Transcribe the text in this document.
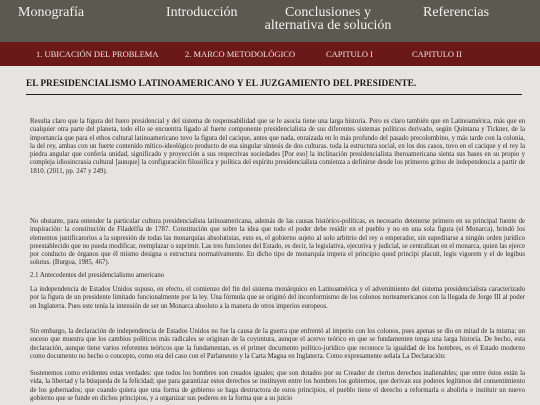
Monografía	Introducción	Conclusiones y alternativa de solución
Referencias
1. UBICACIÓN DEL PROBLEMA	2. MARCO METODOLÓGICO	CAPITULO I	CAPITULO II
EL PRESIDENCIALISMO LATINOAMERICANO Y EL JUZGAMIENTO DEL PRESIDENTE.

Resulta claro que la figura del fuero presidencial y del sistema de responsabilidad que se le asocia tiene una larga historia. Pero es claro también que en Latinoamérica, más que en cualquier otra parte del planeta, todo ello se encuentra ligado al fuerte componente presidencialista de sus diferentes sistemas políticos derivado, según Quintana y Tickner, de la importancia que para el ethos cultural latinoamericano tuvo la figura del cacique, antes que nada, enraizada en lo más profundo del pasado precolombino, y más tarde con la colonia, la del rey, ambas con un fuerte contenido mítico-ideológico producto de esa singular síntesis de dos culturas. toda la estructura social, en los dos casos, tuvo en el cacique y el rey la piedra angular que confería unidad, significado y proyección a sus respectivas sociedades [Por eso] la inclinación presidencialista iberoamericana sienta sus bases en su propio y compleja idiosincrasia cultural [aunque] la configuración filosófica y política del espíritu presidencialista comienza a definirse desde los primeros gritos de independencia a partir de 1810. (2011, pp. 247 y 249).

No obstante, para entender la particular cultura presidencialista latinoamericana, además de las causas histórico-políticas, es necesario detenerse primero en su principal fuente de inspiración: la constitución de Filadelfia de 1787. Constitución que sobre la idea que todo el poder debe residir en el pueblo y no en una sola figura (el Monarca), brindó los elementos justificatorios a la supresión de todas las monarquías absolutistas, esto es, el gobierno sujeto al solo arbitrio del rey o emperador, sin supeditarse a ningún orden jurídico preestablecido que no pueda modificar, reemplazar o suprimir. Las tres funciones del Estado, es decir, la legislativa, ejecutiva y judicial, se centralizan en el monarca, quien las ejerce por conducto de órganos que él mismo designa o estructura normativamente. En dicho tipo de monarquía impera el principio quod principi placuit, legis vigorem y el de legibus solutus. (Burgoa, 1985, 467).

2.1 Antecedentes del presidencialismo americano

La independencia de Estados Unidos supuso, en efecto, el comienzo del fin del sistema monárquico en Latinoamérica y el advenimiento del sistema presidencialista caracterizado por la figura de un presidente limitado funcionalmente por la ley. Una fórmula que se originó del inconformismo de los colonos norteamericanos con la llegada de Jorge III al poder en Inglaterra. Pues este tenía la intensión de ser un Monarca absoluto a la manera de otros imperios europeos.

Sin embargo, la declaración de independencia de Estados Unidos no fue la causa de la guerra que enfrentó al imperio con los colonos, pues apenas se dio en mitad de la misma; un suceso que muestra que los cambios políticos más radicales se originan de la coyuntura, aunque el acervo teórico en que se fundamenten tenga una larga historia. De hecho, esta declaración, aunque tiene varios referentes teóricos que la fundamentan, es el primer documento político-jurídico que reconoce la igualdad de los hombres, es el Estado moderno como documento no hecho o concepto, como era del caso con el Parlamento y la Carta Magna en Inglaterra. Como expresamente señala La Declaración:

Sostenemos como evidentes estas verdades: que todos los hombres son creados iguales; que son dotados por su Creador de ciertos derechos inalienables; que entre éstos están la vida, la libertad y la búsqueda de la felicidad; que para garantizar estos derechos se instituyen entre los hombres los gobiernos, que derivan sus poderes legítimos del consentimiento de los gobernados; que cuando quiera que una forma de gobierno se haga destructora de estos principios, el pueblo tiene el derecho a reformarla o abolirla e instituir un nuevo gobierno que se funde en dichos principios, y a organizar sus poderes en la forma que a su juicio
